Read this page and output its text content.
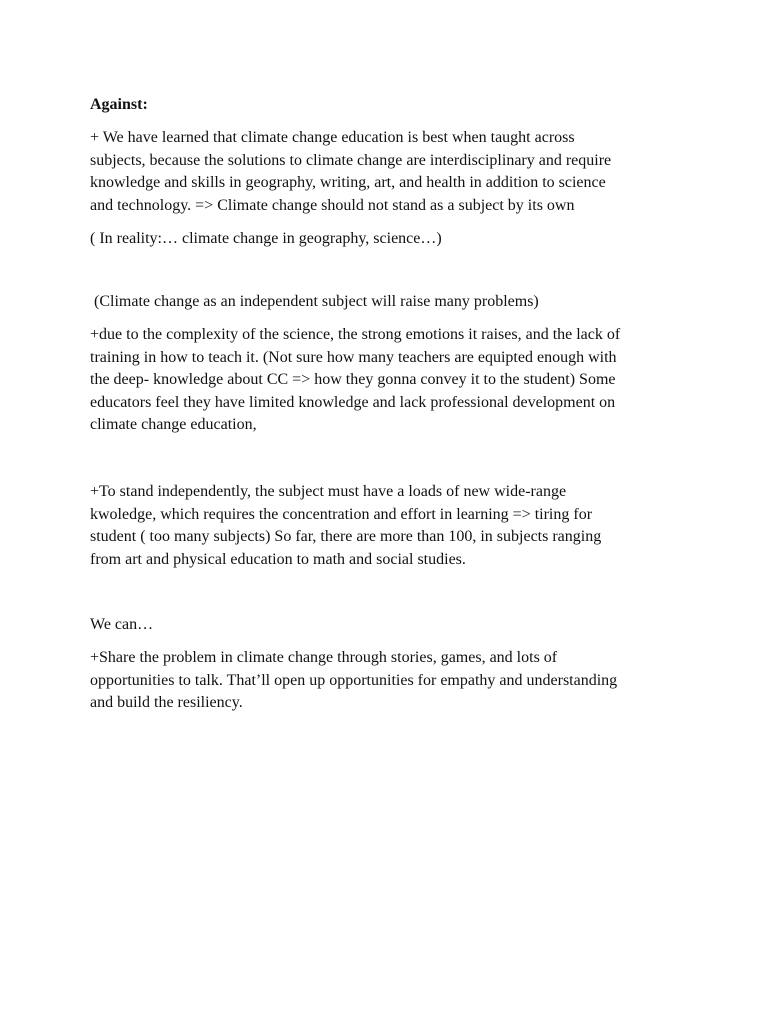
Against:

+ We have learned that climate change education is best when taught across
subjects, because the solutions to climate change are interdisciplinary and require
knowledge and skills in geography, writing, art, and health in addition to science
and technology. => Climate change should not stand as a subject by its own

( In reality:… climate change in geography, science…)

(Climate change as an independent subject will raise many problems)

+due to the complexity of the science, the strong emotions it raises, and the lack of
training in how to teach it. (Not sure how many teachers are equipted enough with
the deep- knowledge about CC => how they gonna convey it to the student) Some
educators feel they have limited knowledge and lack professional development on
climate change education,

+To stand independently, the subject must have a loads of new wide-range
kwoledge, which requires the concentration and effort in learning => tiring for
student ( too many subjects) So far, there are more than 100, in subjects ranging
from art and physical education to math and social studies.

We can…

+Share the problem in climate change through stories, games, and lots of
opportunities to talk. That’ll open up opportunities for empathy and understanding
and build the resiliency.
